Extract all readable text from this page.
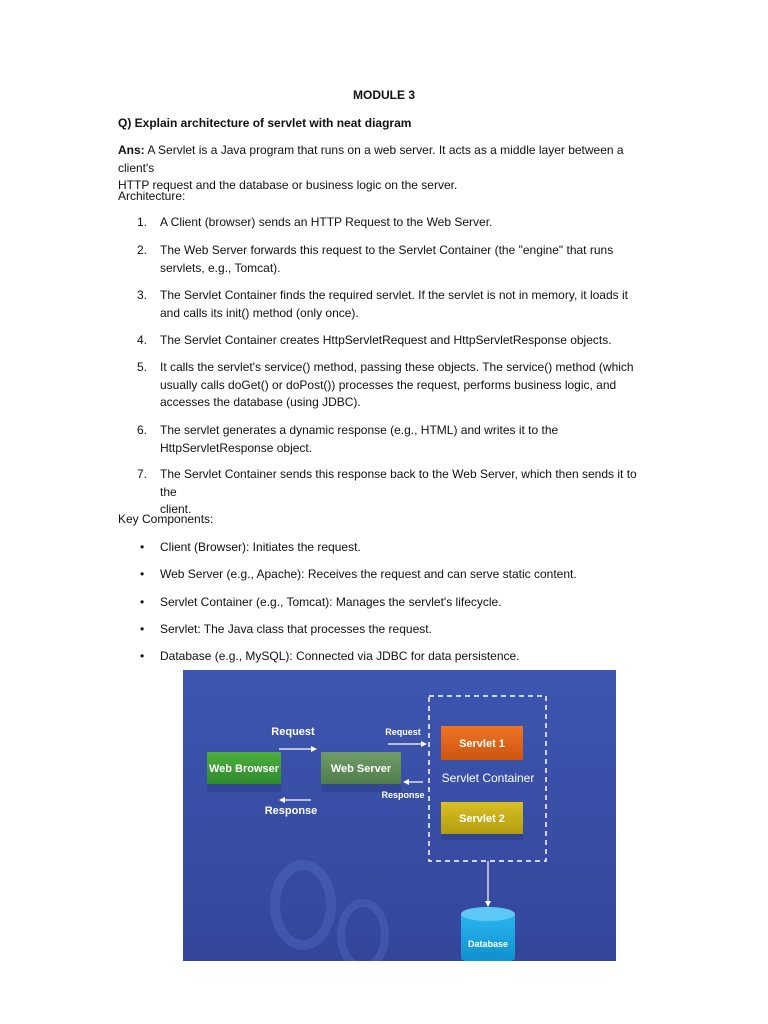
MODULE 3
Q) Explain architecture of servlet with neat diagram
Ans: A Servlet is a Java program that runs on a web server. It acts as a middle layer between a client's
HTTP request and the database or business logic on the server.
Architecture:
1.	A Client (browser) sends an HTTP Request to the Web Server.
2.	The Web Server forwards this request to the Servlet Container (the "engine" that runs
servlets, e.g., Tomcat).
3.	The Servlet Container finds the required servlet. If the servlet is not in memory, it loads it
and calls its init() method (only once).
4.	The Servlet Container creates HttpServletRequest and HttpServletResponse objects.
5.	It calls the servlet's service() method, passing these objects. The service() method (which
usually calls doGet() or doPost()) processes the request, performs business logic, and
accesses the database (using JDBC).
6.	The servlet generates a dynamic response (e.g., HTML) and writes it to the
HttpServletResponse object.
7.	The Servlet Container sends this response back to the Web Server, which then sends it to the
client.
Key Components:
•	Client (Browser): Initiates the request.
•	Web Server (e.g., Apache): Receives the request and can serve static content.
•	Servlet Container (e.g., Tomcat): Manages the servlet's lifecycle.
•	Servlet: The Java class that processes the request.
•	Database (e.g., MySQL): Connected via JDBC for data persistence.
Request	Request
Web Browser	Web Server
Response
Response
Servlet 1
Servlet Container
Servlet 2
Database
